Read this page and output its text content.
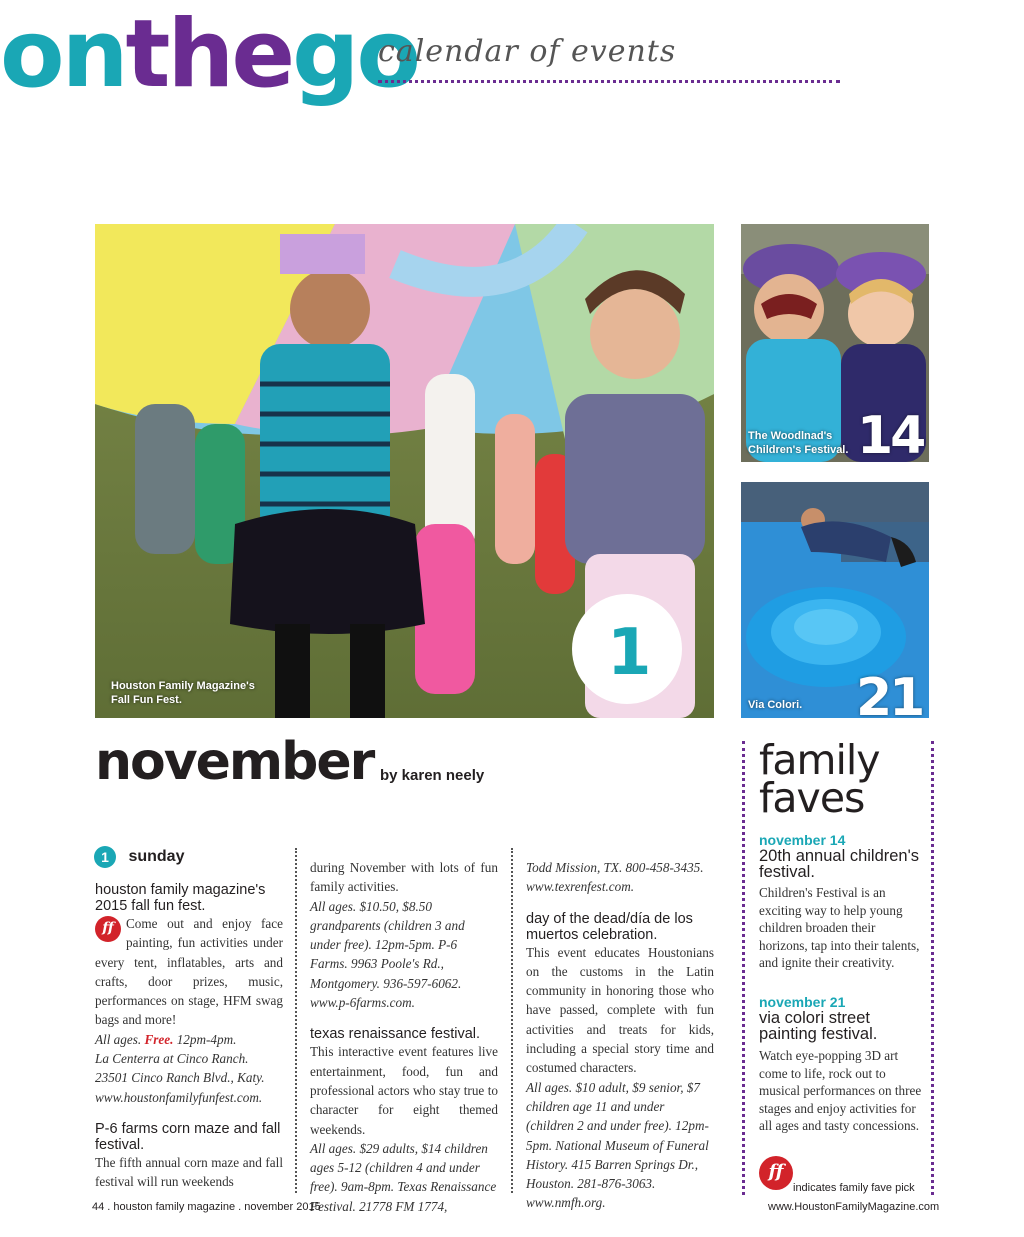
onthego
calendar of events
1
Houston Family Magazine's
Fall Fun Fest.
The Woodlnad's
Children's Festival. 14
Via Colori. 21
november by karen neely
1 sunday

houston family magazine's 2015 fall fun fest.

ff Come out and enjoy face painting, fun activities under every tent, inflatables, arts and crafts, door prizes, music, performances on stage, HFM swag bags and more!

All ages. Free. 12pm-4pm.

La Centerra at Cinco Ranch.

23501 Cinco Ranch Blvd., Katy.

www.houstonfamilyfunfest.com.

P-6 farms corn maze and fall festival.

The fifth annual corn maze and fall festival will run weekends

during November with lots of fun family activities.

All ages. $10.50, $8.50 grandparents (children 3 and under free). 12pm-5pm. P-6 Farms. 9963 Poole's Rd., Montgomery. 936-597-6062. www.p-6farms.com.

texas renaissance festival.

This interactive event features live entertainment, food, fun and professional actors who stay true to character for eight themed weekends.

All ages. $29 adults, $14 children ages 5-12 (children 4 and under free). 9am-8pm. Texas Renaissance Festival. 21778 FM 1774,

Todd Mission, TX. 800-458-3435. www.texrenfest.com.

day of the dead/día de los muertos celebration.

This event educates Houstonians on the customs in the Latin community in honoring those who have passed, complete with fun activities and treats for kids, including a special story time and costumed characters.

All ages. $10 adult, $9 senior, $7 children age 11 and under (children 2 and under free). 12pm-5pm. National Museum of Funeral History. 415 Barren Springs Dr., Houston. 281-876-3063. www.nmfh.org.

family
faves
november 14
20th annual children's festival.
Children's Festival is an exciting way to help young children broaden their horizons, tap into their talents, and ignite their creativity.
november 21
via colori street painting festival.
Watch eye-popping 3D art come to life, rock out to musical performances on three stages and enjoy activities for all ages and tasty concessions.
ff
indicates family fave pick
44 . houston family magazine . november 2015	www.HoustonFamilyMagazine.com
